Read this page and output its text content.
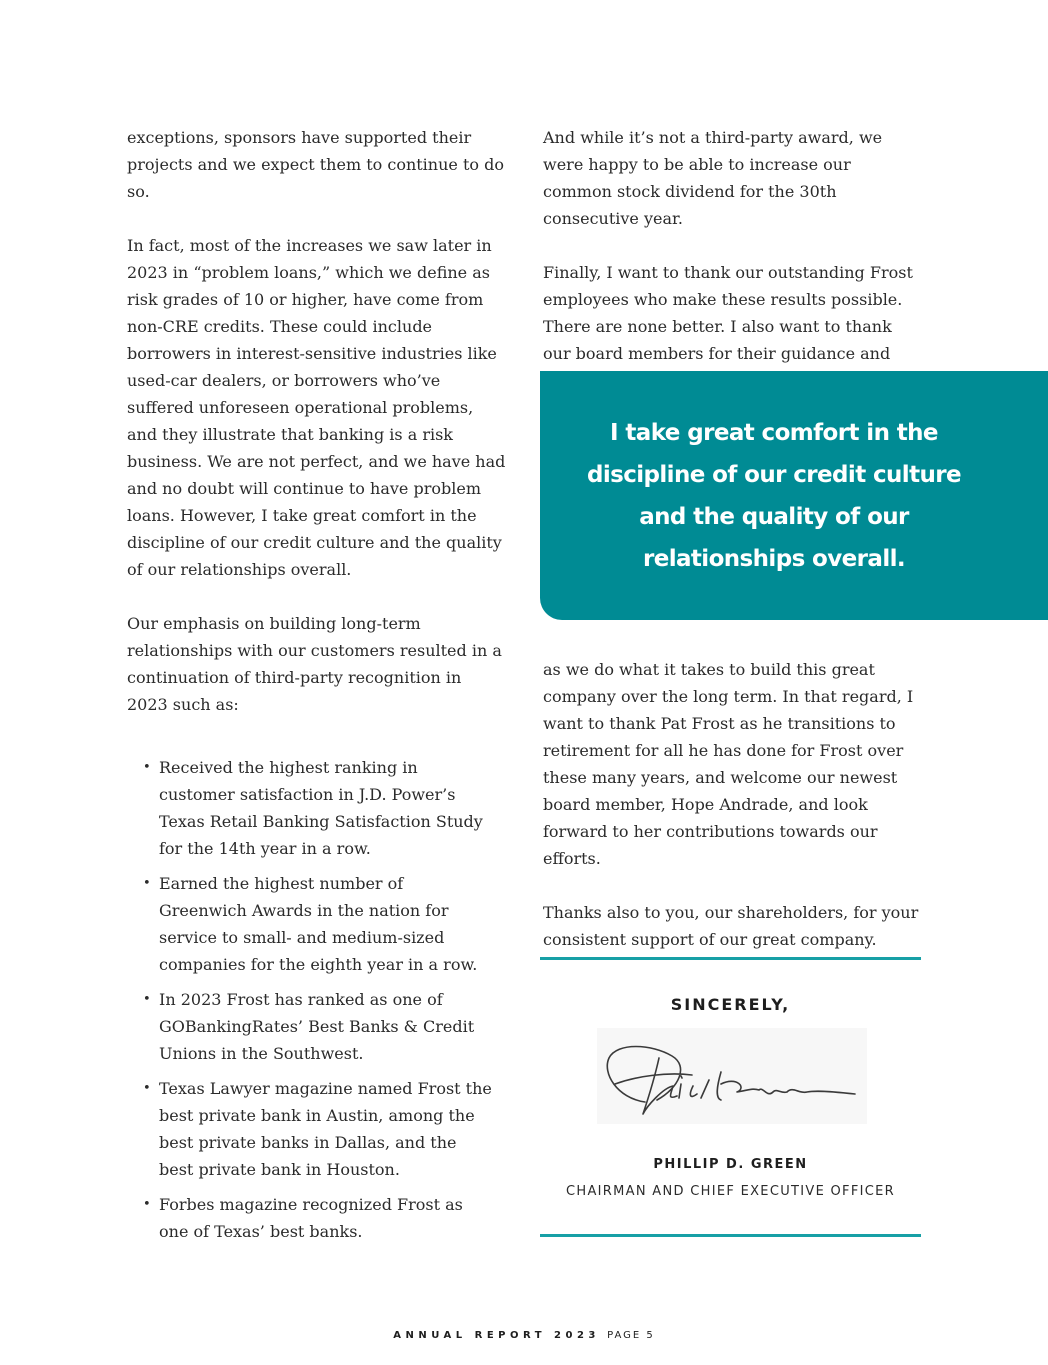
exceptions, sponsors have supported their projects and we expect them to continue to do so.

In fact, most of the increases we saw later in 2023 in “problem loans,” which we define as risk grades of 10 or higher, have come from non-CRE credits. These could include borrowers in interest-sensitive industries like used-car dealers, or borrowers who’ve suffered unforeseen operational problems, and they illustrate that banking is a risk business. We are not perfect, and we have had and no doubt will continue to have problem loans. However, I take great comfort in the discipline of our credit culture and the quality of our relationships overall.

Our emphasis on building long-term relationships with our customers resulted in a continuation of third-party recognition in 2023 such as:

• Received the highest ranking in customer satisfaction in J.D. Power’s Texas Retail Banking Satisfaction Study for the 14th year in a row.
• Earned the highest number of Greenwich Awards in the nation for service to small- and medium-sized companies for the eighth year in a row.
• In 2023 Frost has ranked as one of GOBankingRates’ Best Banks & Credit Unions in the Southwest.
• Texas Lawyer magazine named Frost the best private bank in Austin, among the best private banks in Dallas, and the best private bank in Houston.
• Forbes magazine recognized Frost as one of Texas’ best banks.

And while it’s not a third-party award, we were happy to be able to increase our common stock dividend for the 30th consecutive year.

Finally, I want to thank our outstanding Frost employees who make these results possible. There are none better. I also want to thank our board members for their guidance and

I take great comfort in the discipline of our credit culture and the quality of our relationships overall.

as we do what it takes to build this great company over the long term. In that regard, I want to thank Pat Frost as he transitions to retirement for all he has done for Frost over these many years, and welcome our newest board member, Hope Andrade, and look forward to her contributions towards our efforts.

Thanks also to you, our shareholders, for your consistent support of our great company.

SINCERELY,
PHILLIP D. GREEN
CHAIRMAN AND CHIEF EXECUTIVE OFFICER
ANNUAL REPORT 2023 PAGE 5
